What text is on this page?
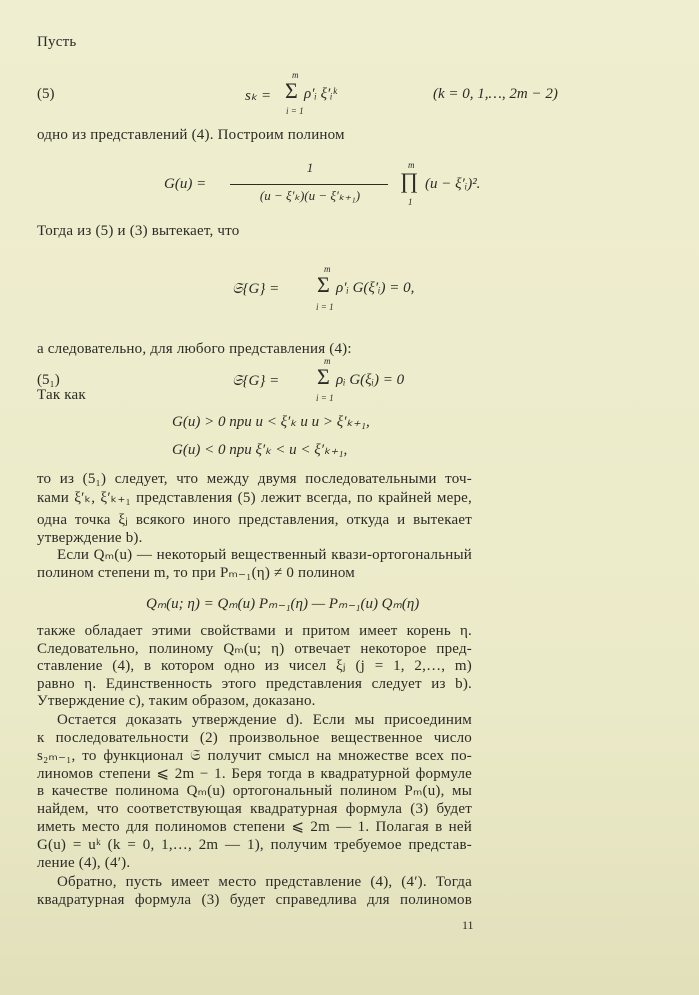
Пусть
(5)	sₖ =
m
Σ
i = 1
ρ′ᵢ ξ′ᵢᵏ	(k = 0, 1,…, 2m − 2)
одно из представлений (4). Построим полином
G(u) =
1
(u − ξ′ₖ)(u − ξ′ₖ₊₁)
m
∏
1
(u − ξ′ᵢ)².
Тогда из (5) и (3) вытекает, что
𝔖{G} =
m
Σ
i = 1
ρ′ᵢ G(ξ′ᵢ) = 0,
а следовательно, для любого представления (4):
(5₁)	𝔖{G} =
m
Σ
i = 1
ρᵢ G(ξᵢ) = 0
Так как
G(u) > 0 при u < ξ′ₖ и u > ξ′ₖ₊₁,
G(u) < 0 при ξ′ₖ < u < ξ′ₖ₊₁,
то из (5₁) следует, что между двумя последовательными точ-
ками ξ′ₖ, ξ′ₖ₊₁ представления (5) лежит всегда, по крайней мере,
одна точка ξⱼ всякого иного представления, откуда и вытекает
утверждение b).
Если Qₘ(u) — некоторый вещественный квази-ортогональный
полином степени m, то при Pₘ₋₁(η) ≠ 0 полином
Qₘ(u; η) = Qₘ(u) Pₘ₋₁(η) — Pₘ₋₁(u) Qₘ(η)
также обладает этими свойствами и притом имеет корень η.
Следовательно, полиному Qₘ(u; η) отвечает некоторое пред-
ставление (4), в котором одно из чисел ξⱼ (j = 1, 2,…, m)
равно η. Единственность этого представления следует из b).
Утверждение c), таким образом, доказано.
Остается доказать утверждение d). Если мы присоединим
к последовательности (2) произвольное вещественное число
s₂ₘ₋₁, то функционал 𝔖 получит смысл на множестве всех по-
линомов степени ⩽ 2m − 1. Беря тогда в квадратурной формуле
в качестве полинома Qₘ(u) ортогональный полином Pₘ(u), мы
найдем, что соответствующая квадратурная формула (3) будет
иметь место для полиномов степени ⩽ 2m — 1. Полагая в ней
G(u) = uᵏ (k = 0, 1,…, 2m — 1), получим требуемое представ-
ление (4), (4′).
Обратно, пусть имеет место представление (4), (4′). Тогда
квадратурная формула (3) будет справедлива для полиномов
11
